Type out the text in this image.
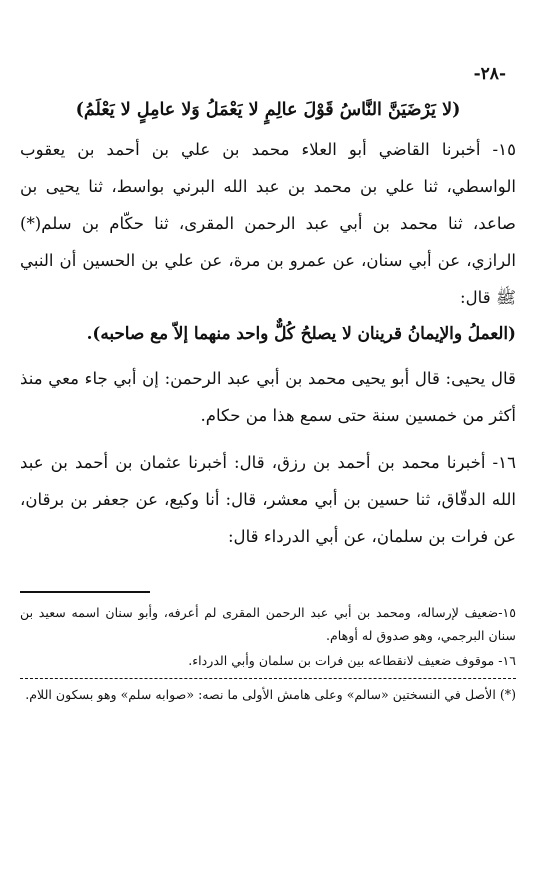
-٢٨-

(لا يَرْضَيَنَّ النَّاسُ قَوْلَ عالِمٍ لا يَعْمَلُ وَلا عامِلٍ لا يَعْلَمُ)

١٥- أخبرنا القاضي أبو العلاء محمد بن علي بن أحمد بن يعقوب الواسطي، ثنا علي بن محمد بن عبد الله البرني بواسط، ثنا يحيى بن صاعد، ثنا محمد بن أبي عبد الرحمن المقرى، ثنا حكّام بن سلم(*) الرازي، عن أبي سنان، عن عمرو بن مرة، عن علي بن الحسين أن النبي ﷺ قال:

(العملُ والإيمانُ قرينان لا يصلحُ كُلٌّ واحد منهما إلاّ مع صاحبه).

قال يحيى: قال أبو يحيى محمد بن أبي عبد الرحمن: إن أبي جاء معي منذ أكثر من خمسين سنة حتى سمع هذا من حكام.

١٦- أخبرنا محمد بن أحمد بن رزق، قال: أخبرنا عثمان بن أحمد بن عبد الله الدقّاق، ثنا حسين بن أبي معشر، قال: أنا وكيع، عن جعفر بن برقان، عن فرات بن سلمان، عن أبي الدرداء قال:

١٥-ضعيف لإرساله، ومحمد بن أبي عبد الرحمن المقرى لم أعرفه، وأبو سنان اسمه سعيد بن سنان البرجمي، وهو صدوق له أوهام.

١٦- موقوف ضعيف لانقطاعه بين فرات بن سلمان وأبي الدرداء.

(*) الأصل في النسختين «سالم» وعلى هامش الأولى ما نصه: «صوابه سلم» وهو بسكون اللام.
